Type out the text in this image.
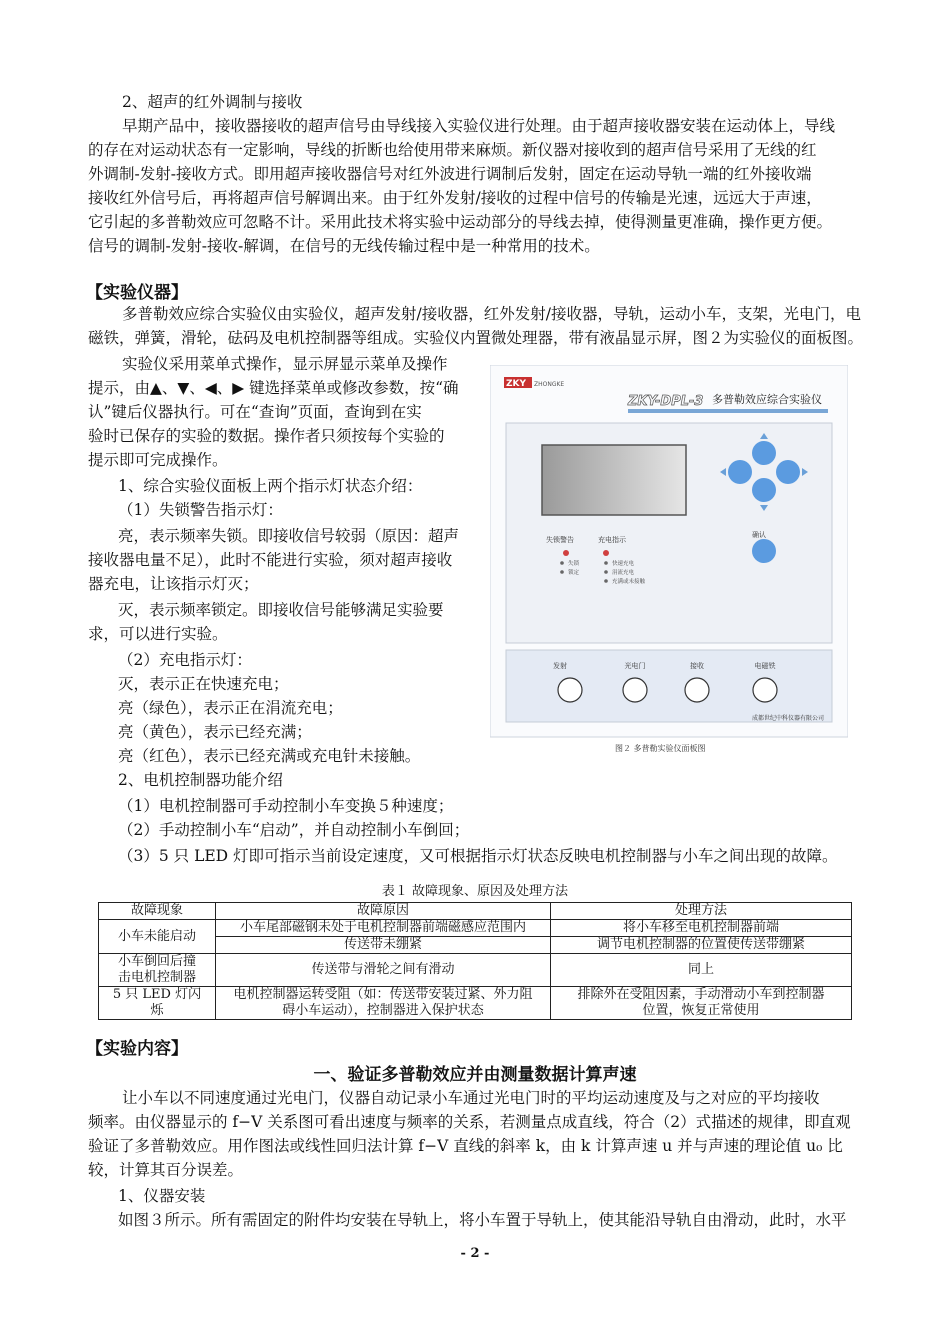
2、超声的红外调制与接收
早期产品中，接收器接收的超声信号由导线接入实验仪进行处理。由于超声接收器安装在运动体上，导线
的存在对运动状态有一定影响，导线的折断也给使用带来麻烦。新仪器对接收到的超声信号采用了无线的红
外调制-发射-接收方式。即用超声接收器信号对红外波进行调制后发射，固定在运动导轨一端的红外接收端
接收红外信号后，再将超声信号解调出来。由于红外发射/接收的过程中信号的传输是光速，远远大于声速，
它引起的多普勒效应可忽略不计。采用此技术将实验中运动部分的导线去掉，使得测量更准确，操作更方便。
信号的调制-发射-接收-解调，在信号的无线传输过程中是一种常用的技术。
【实验仪器】
多普勒效应综合实验仪由实验仪，超声发射/接收器，红外发射/接收器，导轨，运动小车，支架，光电门，电
磁铁，弹簧，滑轮，砝码及电机控制器等组成。实验仪内置微处理器，带有液晶显示屏，图２为实验仪的面板图。
实验仪采用菜单式操作，显示屏显示菜单及操作
提示，由▲、▼、◀、▶ 键选择菜单或修改参数，按“确
认”键后仪器执行。可在“查询”页面，查询到在实
验时已保存的实验的数据。操作者只须按每个实验的
提示即可完成操作。
1、综合实验仪面板上两个指示灯状态介绍：
（1）失锁警告指示灯：
亮，表示频率失锁。即接收信号较弱（原因：超声
接收器电量不足），此时不能进行实验，须对超声接收
器充电，让该指示灯灭；
灭，表示频率锁定。即接收信号能够满足实验要
求，可以进行实验。
（2）充电指示灯：
灭，表示正在快速充电；
亮（绿色），表示正在涓流充电；
亮（黄色），表示已经充满；
亮（红色），表示已经充满或充电针未接触。
2、电机控制器功能介绍
（1）电机控制器可手动控制小车变换５种速度；
（2）手动控制小车“启动”，并自动控制小车倒回；
（3）5 只 LED 灯即可指示当前设定速度，又可根据指示灯状态反映电机控制器与小车之间出现的故障。
ZKY ZHONGKE
ZKY-DPL-3 多普勒效应综合实验仪
确认
失锁警告	充电指示
失锁
锁定
快速充电
涓流充电
充满或未接触
发射	光电门	接收	电磁铁
成都世纪中科仪器有限公司
图２ 多普勒实验仪面板图
表１ 故障现象、原因及处理方法
故障现象	故障原因	处理方法
小车未能启动	小车尾部磁钢未处于电机控制器前端磁感应范围内	将小车移至电机控制器前端
	传送带未绷紧	调节电机控制器的位置使传送带绷紧
小车倒回后撞
击电机控制器	传送带与滑轮之间有滑动	同上
5 只 LED 灯闪
烁	电机控制器运转受阻（如：传送带安装过紧、外力阻
碍小车运动），控制器进入保护状态	排除外在受阻因素，手动滑动小车到控制器
位置，恢复正常使用
【实验内容】
一、验证多普勒效应并由测量数据计算声速
让小车以不同速度通过光电门，仪器自动记录小车通过光电门时的平均运动速度及与之对应的平均接收
频率。由仪器显示的 f−V 关系图可看出速度与频率的关系，若测量点成直线，符合（2）式描述的规律，即直观
验证了多普勒效应。用作图法或线性回归法计算 f−V 直线的斜率 k，由 k 计算声速 u 并与声速的理论值 u₀ 比
较，计算其百分误差。
1、仪器安装
如图３所示。所有需固定的附件均安装在导轨上，将小车置于导轨上，使其能沿导轨自由滑动，此时，水平
- 2 -
